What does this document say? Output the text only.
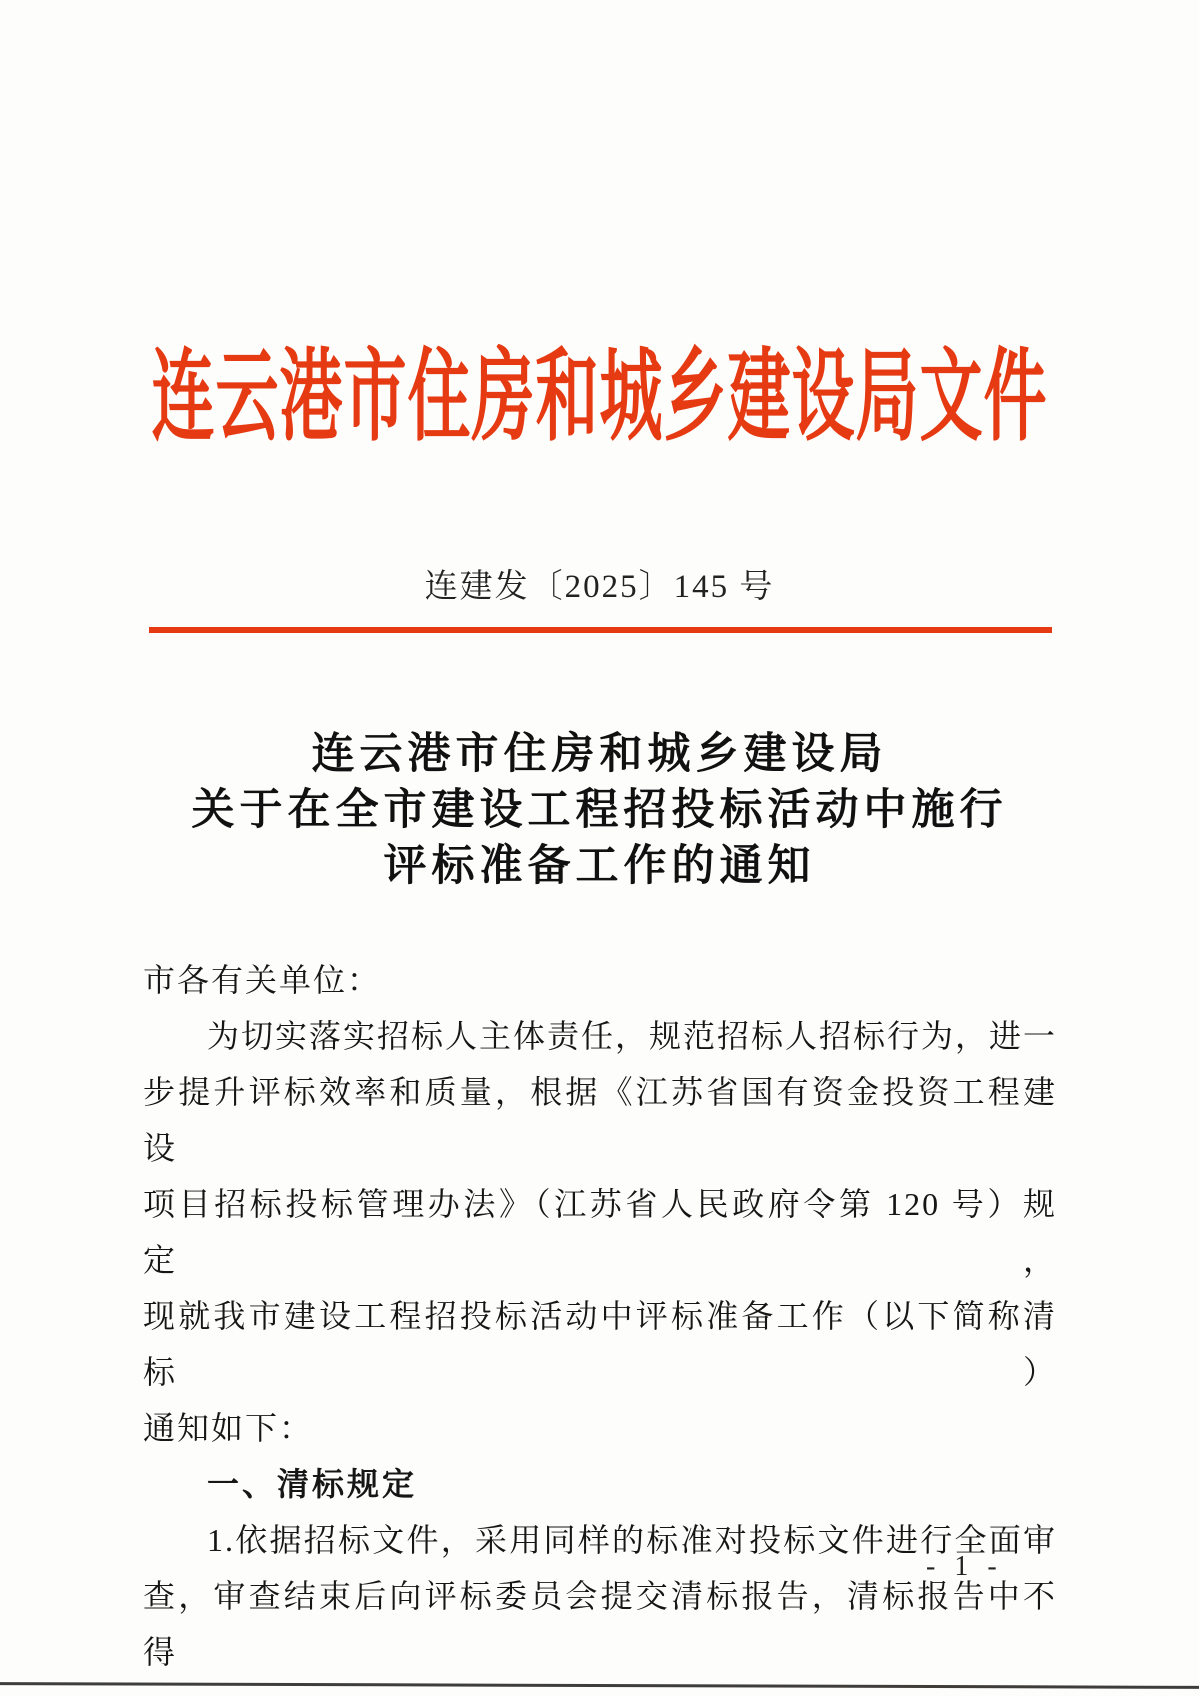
连云港市住房和城乡建设局文件
连建发〔2025〕145 号
连云港市住房和城乡建设局
关于在全市建设工程招投标活动中施行
评标准备工作的通知
市各有关单位：
为切实落实招标人主体责任，规范招标人招标行为，进一
步提升评标效率和质量，根据《江苏省国有资金投资工程建设
项目招标投标管理办法》（江苏省人民政府令第 120 号）规定，
现就我市建设工程招投标活动中评标准备工作（以下简称清标）
通知如下：
一、清标规定
1.依据招标文件，采用同样的标准对投标文件进行全面审
查，审查结束后向评标委员会提交清标报告，清标报告中不得
- 1 -
